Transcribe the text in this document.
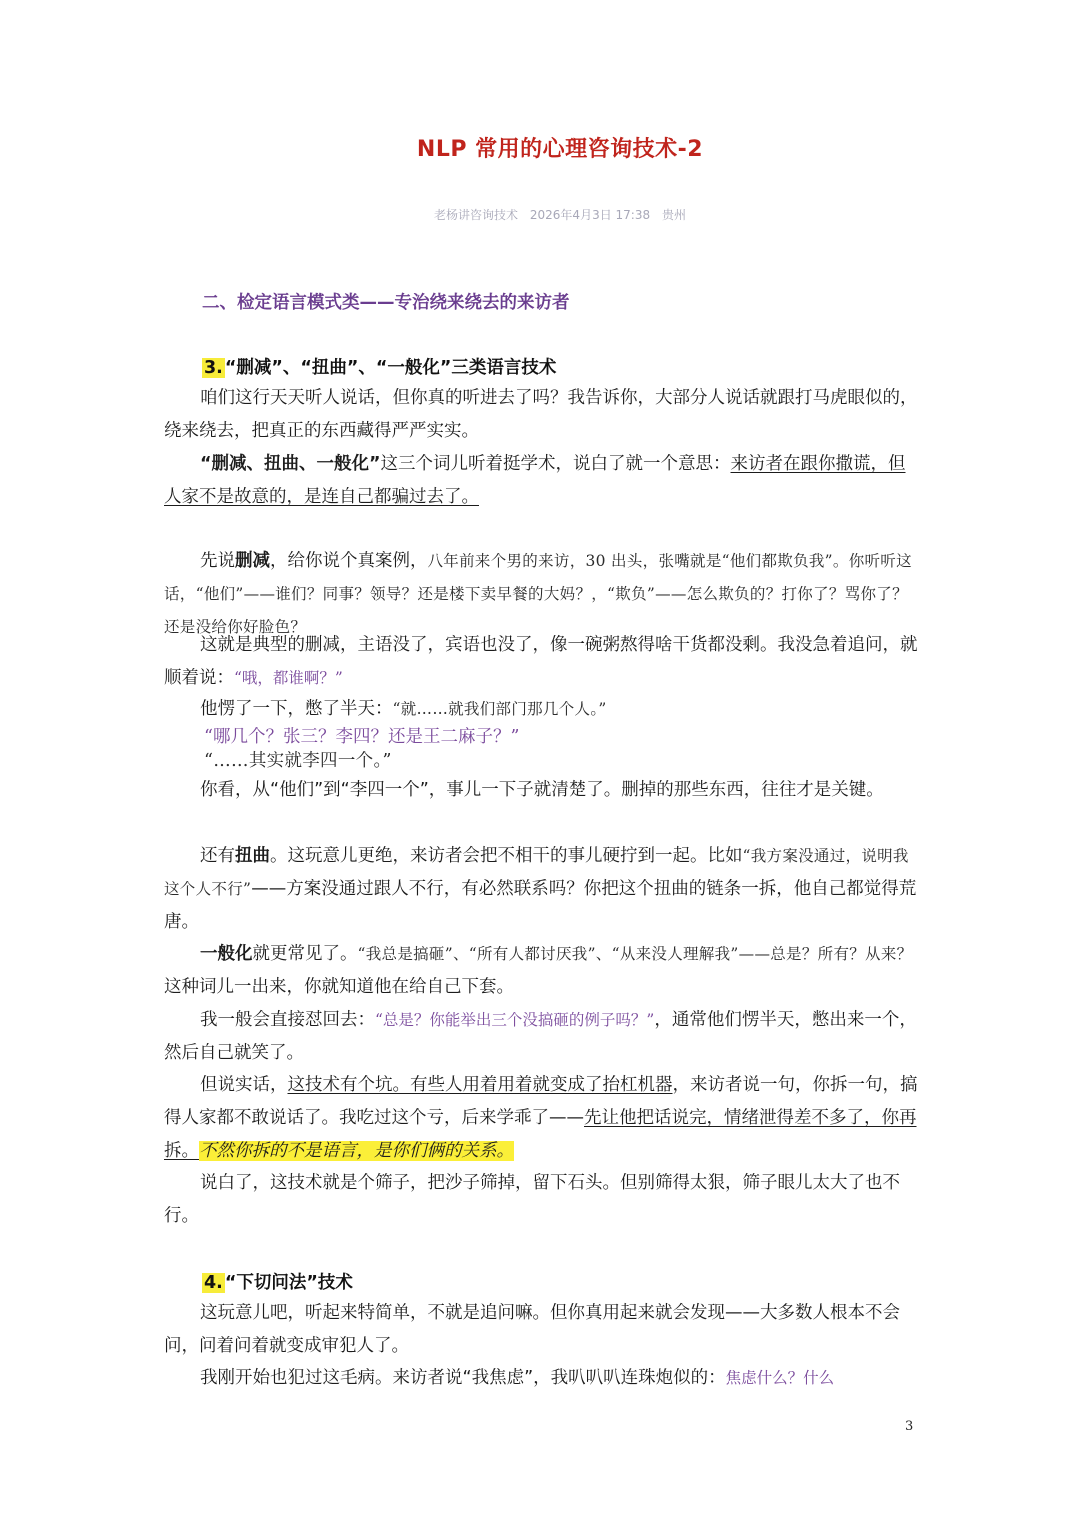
NLP 常用的心理咨询技术-2
老杨讲咨询技术 2026年4月3日 17:38 贵州
二、检定语言模式类——专治绕来绕去的来访者
3. “删减”、“扭曲”、“一般化”三类语言技术
咱们这行天天听人说话，但你真的听进去了吗？我告诉你，大部分人说话就跟打马虎眼似的，绕来绕去，把真正的东西藏得严严实实。
“删减、扭曲、一般化”这三个词儿听着挺学术，说白了就一个意思：来访者在跟你撒谎，但人家不是故意的，是连自己都骗过去了。
先说删减，给你说个真案例，八年前来个男的来访，30 出头，张嘴就是“他们都欺负我”。你听听这话，“他们”——谁们？同事？领导？还是楼下卖早餐的大妈？，“欺负”——怎么欺负的？打你了？骂你了？还是没给你好脸色？
这就是典型的删减，主语没了，宾语也没了，像一碗粥熬得啥干货都没剩。我没急着追问，就顺着说：“哦，都谁啊？”
他愣了一下，憋了半天：“就……就我们部门那几个人。”
“哪几个？张三？李四？还是王二麻子？”
“……其实就李四一个。”
你看，从“他们”到“李四一个”，事儿一下子就清楚了。删掉的那些东西，往往才是关键。
还有扭曲。这玩意儿更绝，来访者会把不相干的事儿硬拧到一起。比如“我方案没通过，说明我这个人不行”——方案没通过跟人不行，有必然联系吗？你把这个扭曲的链条一拆，他自己都觉得荒唐。
一般化就更常见了。“我总是搞砸”、“所有人都讨厌我”、“从来没人理解我”——总是？所有？从来？这种词儿一出来，你就知道他在给自己下套。
我一般会直接怼回去：“总是？你能举出三个没搞砸的例子吗？”，通常他们愣半天，憋出来一个，然后自己就笑了。
但说实话，这技术有个坑。有些人用着用着就变成了抬杠机器，来访者说一句，你拆一句，搞得人家都不敢说话了。我吃过这个亏，后来学乖了——先让他把话说完，情绪泄得差不多了，你再拆。不然你拆的不是语言，是你们俩的关系。
说白了，这技术就是个筛子，把沙子筛掉，留下石头。但别筛得太狠，筛子眼儿太大了也不行。
4. “下切问法”技术
这玩意儿吧，听起来特简单，不就是追问嘛。但你真用起来就会发现——大多数人根本不会问，问着问着就变成审犯人了。
我刚开始也犯过这毛病。来访者说“我焦虑”，我叭叭叭连珠炮似的：焦虑什么？什么
3
